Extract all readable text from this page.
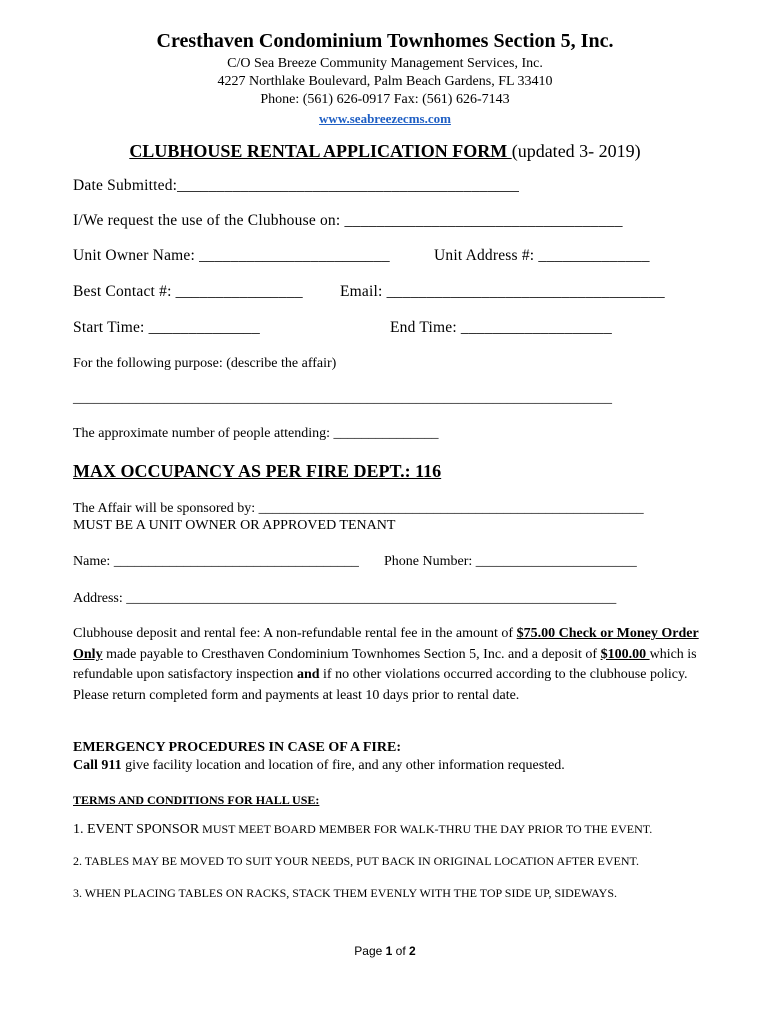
Cresthaven Condominium Townhomes Section 5, Inc.
C/O Sea Breeze Community Management Services, Inc.
4227 Northlake Boulevard, Palm Beach Gardens, FL 33410
Phone: (561) 626-0917 Fax: (561) 626-7143
www.seabreezecms.com
CLUBHOUSE RENTAL APPLICATION FORM (updated 3- 2019)
Date Submitted:___________________________________________
I/We request the use of the Clubhouse on: ___________________________________
Unit Owner Name: ________________________	Unit Address #: ______________
Best Contact #: ________________ Email: ___________________________________
Start Time: ______________	End Time: ___________________
For the following purpose: (describe the affair)
_____________________________________________________________________________
The approximate number of people attending: _______________
MAX OCCUPANCY AS PER FIRE DEPT.: 116
The Affair will be sponsored by: _______________________________________________________
MUST BE A UNIT OWNER OR APPROVED TENANT
Name: ___________________________________ Phone Number: _______________________
Address: ______________________________________________________________________
Clubhouse deposit and rental fee: A non-refundable rental fee in the amount of $75.00 Check or Money Order Only made payable to Cresthaven Condominium Townhomes Section 5, Inc. and a deposit of $100.00 which is refundable upon satisfactory inspection and if no other violations occurred according to the clubhouse policy. Please return completed form and payments at least 10 days prior to rental date.
EMERGENCY PROCEDURES IN CASE OF A FIRE:
Call 911 give facility location and location of fire, and any other information requested.
TERMS AND CONDITIONS FOR HALL USE:
1. EVENT SPONSOR MUST MEET BOARD MEMBER FOR WALK-THRU THE DAY PRIOR TO THE EVENT.
2. TABLES MAY BE MOVED TO SUIT YOUR NEEDS, PUT BACK IN ORIGINAL LOCATION AFTER EVENT.
3. WHEN PLACING TABLES ON RACKS, STACK THEM EVENLY WITH THE TOP SIDE UP, SIDEWAYS.
Page 1 of 2
